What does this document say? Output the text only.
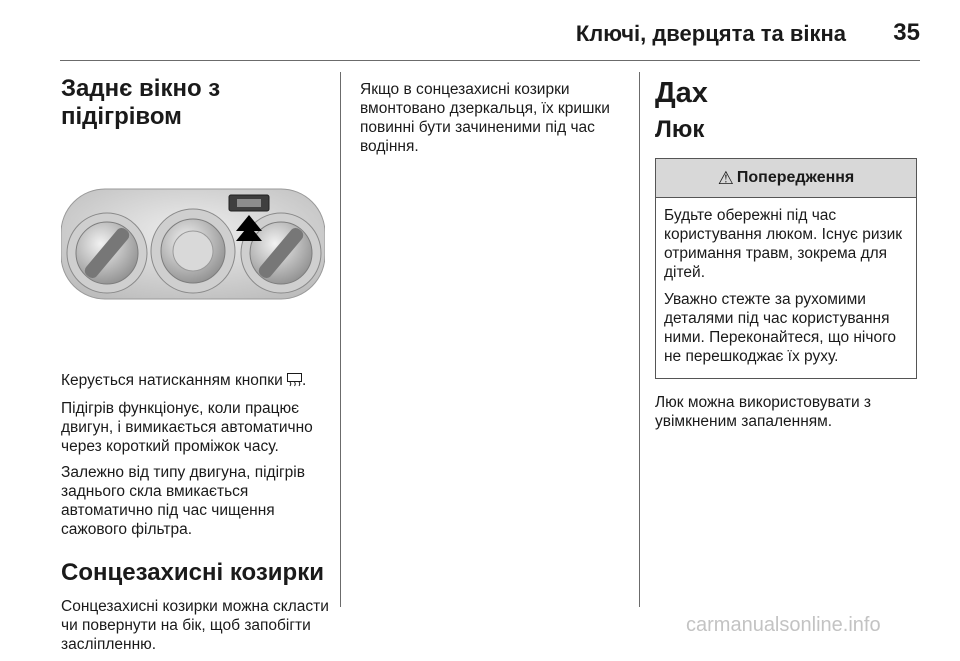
Ключі, дверцята та вікна	35
Заднє вікно з підігрівом

Керується натисканням кнопки .

Підігрів функціонує, коли працює двигун, і вимикається автоматично через короткий проміжок часу.

Залежно від типу двигуна, підігрів заднього скла вмикається автоматично під час чищення сажового фільтра.

Сонцезахисні козирки

Сонцезахисні козирки можна скласти чи повернути на бік, щоб запобігти засліпленню.

Якщо в сонцезахисні козирки вмонтовано дзеркальця, їх кришки повинні бути зачиненими під час водіння.

Дах
Люк
⚠ Попередження

Будьте обережні під час користування люком. Існує ризик отримання травм, зокрема для дітей.

Уважно стежте за рухомими деталями під час користування ними. Переконайтеся, що нічого не перешкоджає їх руху.

Люк можна використовувати з увімкненим запаленням.

carmanualsonline.info
